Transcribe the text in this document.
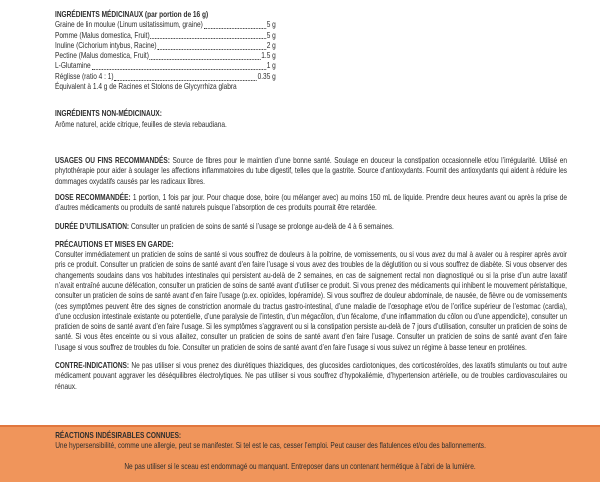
INGRÉDIENTS MÉDICINAUX (par portion de 16 g)
Graine de lin moulue (Linum usitatissimum, graine)	5 g
Pomme (Malus domestica, Fruit)	5 g
Inuline (Cichorium intybus, Racine)	2 g
Pectine (Malus domestica, Fruit)	1.5 g
L-Glutamine	1 g
Réglisse (ratio 4 : 1)	0.35 g
Équivalent à 1.4 g de Racines et Stolons de Glycyrrhiza glabra
INGRÉDIENTS NON-MÉDICINAUX:
Arôme naturel, acide citrique, feuilles de stevia rebaudiana.

USAGES OU FINS RECOMMANDÉS: Source de fibres pour le maintien d’une bonne santé. Soulage en douceur la constipation occasionnelle et/ou l’irrégularité. Utilisé en phytothérapie pour aider à soulager les affections inflammatoires du tube digestif, telles que la gastrite. Source d’antioxydants. Fournit des antioxydants qui aident à réduire les dommages oxydatifs causés par les radicaux libres.

DOSE RECOMMANDÉE: 1 portion, 1 fois par jour. Pour chaque dose, boire (ou mélanger avec) au moins 150 mL de liquide. Prendre deux heures avant ou après la prise de d’autres médicaments ou produits de santé naturels puisque l’absorption de ces produits pourrait être retardée.

DURÉE D’UTILISATION: Consulter un praticien de soins de santé si l’usage se prolonge au-delà de 4 à 6 semaines.

PRÉCAUTIONS ET MISES EN GARDE:

Consulter immédiatement un praticien de soins de santé si vous souffrez de douleurs à la poitrine, de vomissements, ou si vous avez du mal à avaler ou à respirer après avoir pris ce produit. Consulter un praticien de soins de santé avant d’en faire l’usage si vous avez des troubles de la déglutition ou si vous souffrez de diabète. Si vous observer des changements soudains dans vos habitudes intestinales qui persistent au-delà de 2 semaines, en cas de saignement rectal non diagnostiqué ou si la prise d’un autre laxatif n’avait entraîné aucune défécation, consulter un praticien de soins de santé avant d’utiliser ce produit. Si vous prenez des médicaments qui inhibent le mouvement péristaltique, consulter un praticien de soins de santé avant d’en faire l’usage (p.ex. opioïdes, lopéramide). Si vous souffrez de douleur abdominale, de nausée, de fièvre ou de vomissements (ces symptômes peuvent être des signes de constriction anormale du tractus gastro-intestinal, d’une maladie de l’œsophage et/ou de l’orifice supérieur de l’estomac (cardia), d’une occlusion intestinale existante ou potentielle, d’une paralysie de l’intestin, d’un mégacôlon, d’un fécalome, d’une inflammation du côlon ou d’une appendicite), consulter un praticien de soins de santé avant d’en faire l’usage. Si les symptômes s’aggravent ou si la constipation persiste au-delà de 7 jours d’utilisation, consulter un praticien de soins de santé. Si vous êtes enceinte ou si vous allaitez, consulter un praticien de soins de santé avant d’en faire l’usage. Consulter un praticien de soins de santé avant d’en faire l’usage si vous souffrez de troubles du foie. Consulter un praticien de soins de santé avant d’en faire l’usage si vous suivez un régime à basse teneur en protéines.

CONTRE-INDICATIONS: Ne pas utiliser si vous prenez des diurétiques thiazidiques, des glucosides cardiotoniques, des corticostéroïdes, des laxatifs stimulants ou tout autre médicament pouvant aggraver les déséquilibres électrolytiques. Ne pas utiliser si vous souffrez d’hypokaliémie, d’hypertension artérielle, ou de troubles cardiovasculaires ou rénaux.

RÉACTIONS INDÉSIRABLES CONNUES:
Une hypersensibilité, comme une allergie, peut se manifester. Si tel est le cas, cesser l’emploi. Peut causer des flatulences et/ou des ballonnements.
Ne pas utiliser si le sceau est endommagé ou manquant. Entreposer dans un contenant hermétique à l’abri de la lumière.
